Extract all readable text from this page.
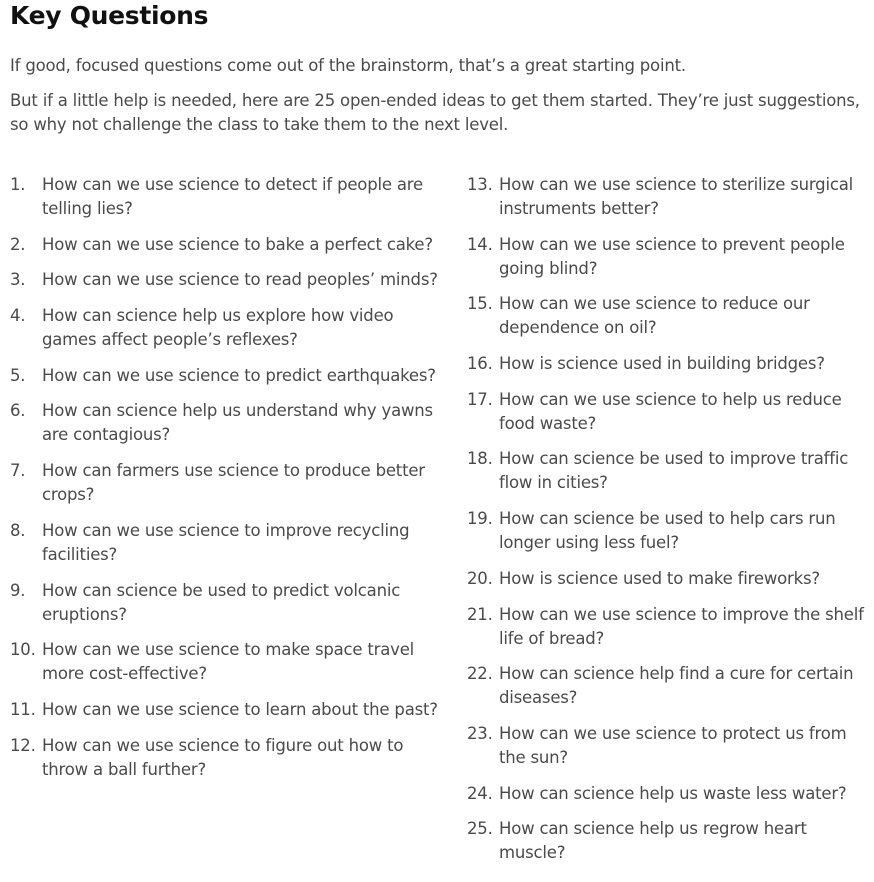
Key Questions

If good, focused questions come out of the brainstorm, that’s a great starting point.

But if a little help is needed, here are 25 open-ended ideas to get them started. They’re just suggestions, so why not challenge the class to take them to the next level.

1.	How can we use science to detect if people are telling lies?
2.	How can we use science to bake a perfect cake?
3.	How can we use science to read peoples’ minds?
4.	How can science help us explore how video games affect people’s reflexes?
5.	How can we use science to predict earthquakes?
6.	How can science help us understand why yawns are contagious?
7.	How can farmers use science to produce better crops?
8.	How can we use science to improve recycling facilities?
9.	How can science be used to predict volcanic eruptions?
10. How can we use science to make space travel more cost-effective?
11. How can we use science to learn about the past?
12. How can we use science to figure out how to throw a ball further?
13. How can we use science to sterilize surgical instruments better?
14. How can we use science to prevent people going blind?
15. How can we use science to reduce our dependence on oil?
16. How is science used in building bridges?
17. How can we use science to help us reduce food waste?
18. How can science be used to improve traffic flow in cities?
19. How can science be used to help cars run longer using less fuel?
20. How is science used to make fireworks?
21. How can we use science to improve the shelf life of bread?
22. How can science help find a cure for certain diseases?
23. How can we use science to protect us from the sun?
24. How can science help us waste less water?
25. How can science help us regrow heart muscle?
